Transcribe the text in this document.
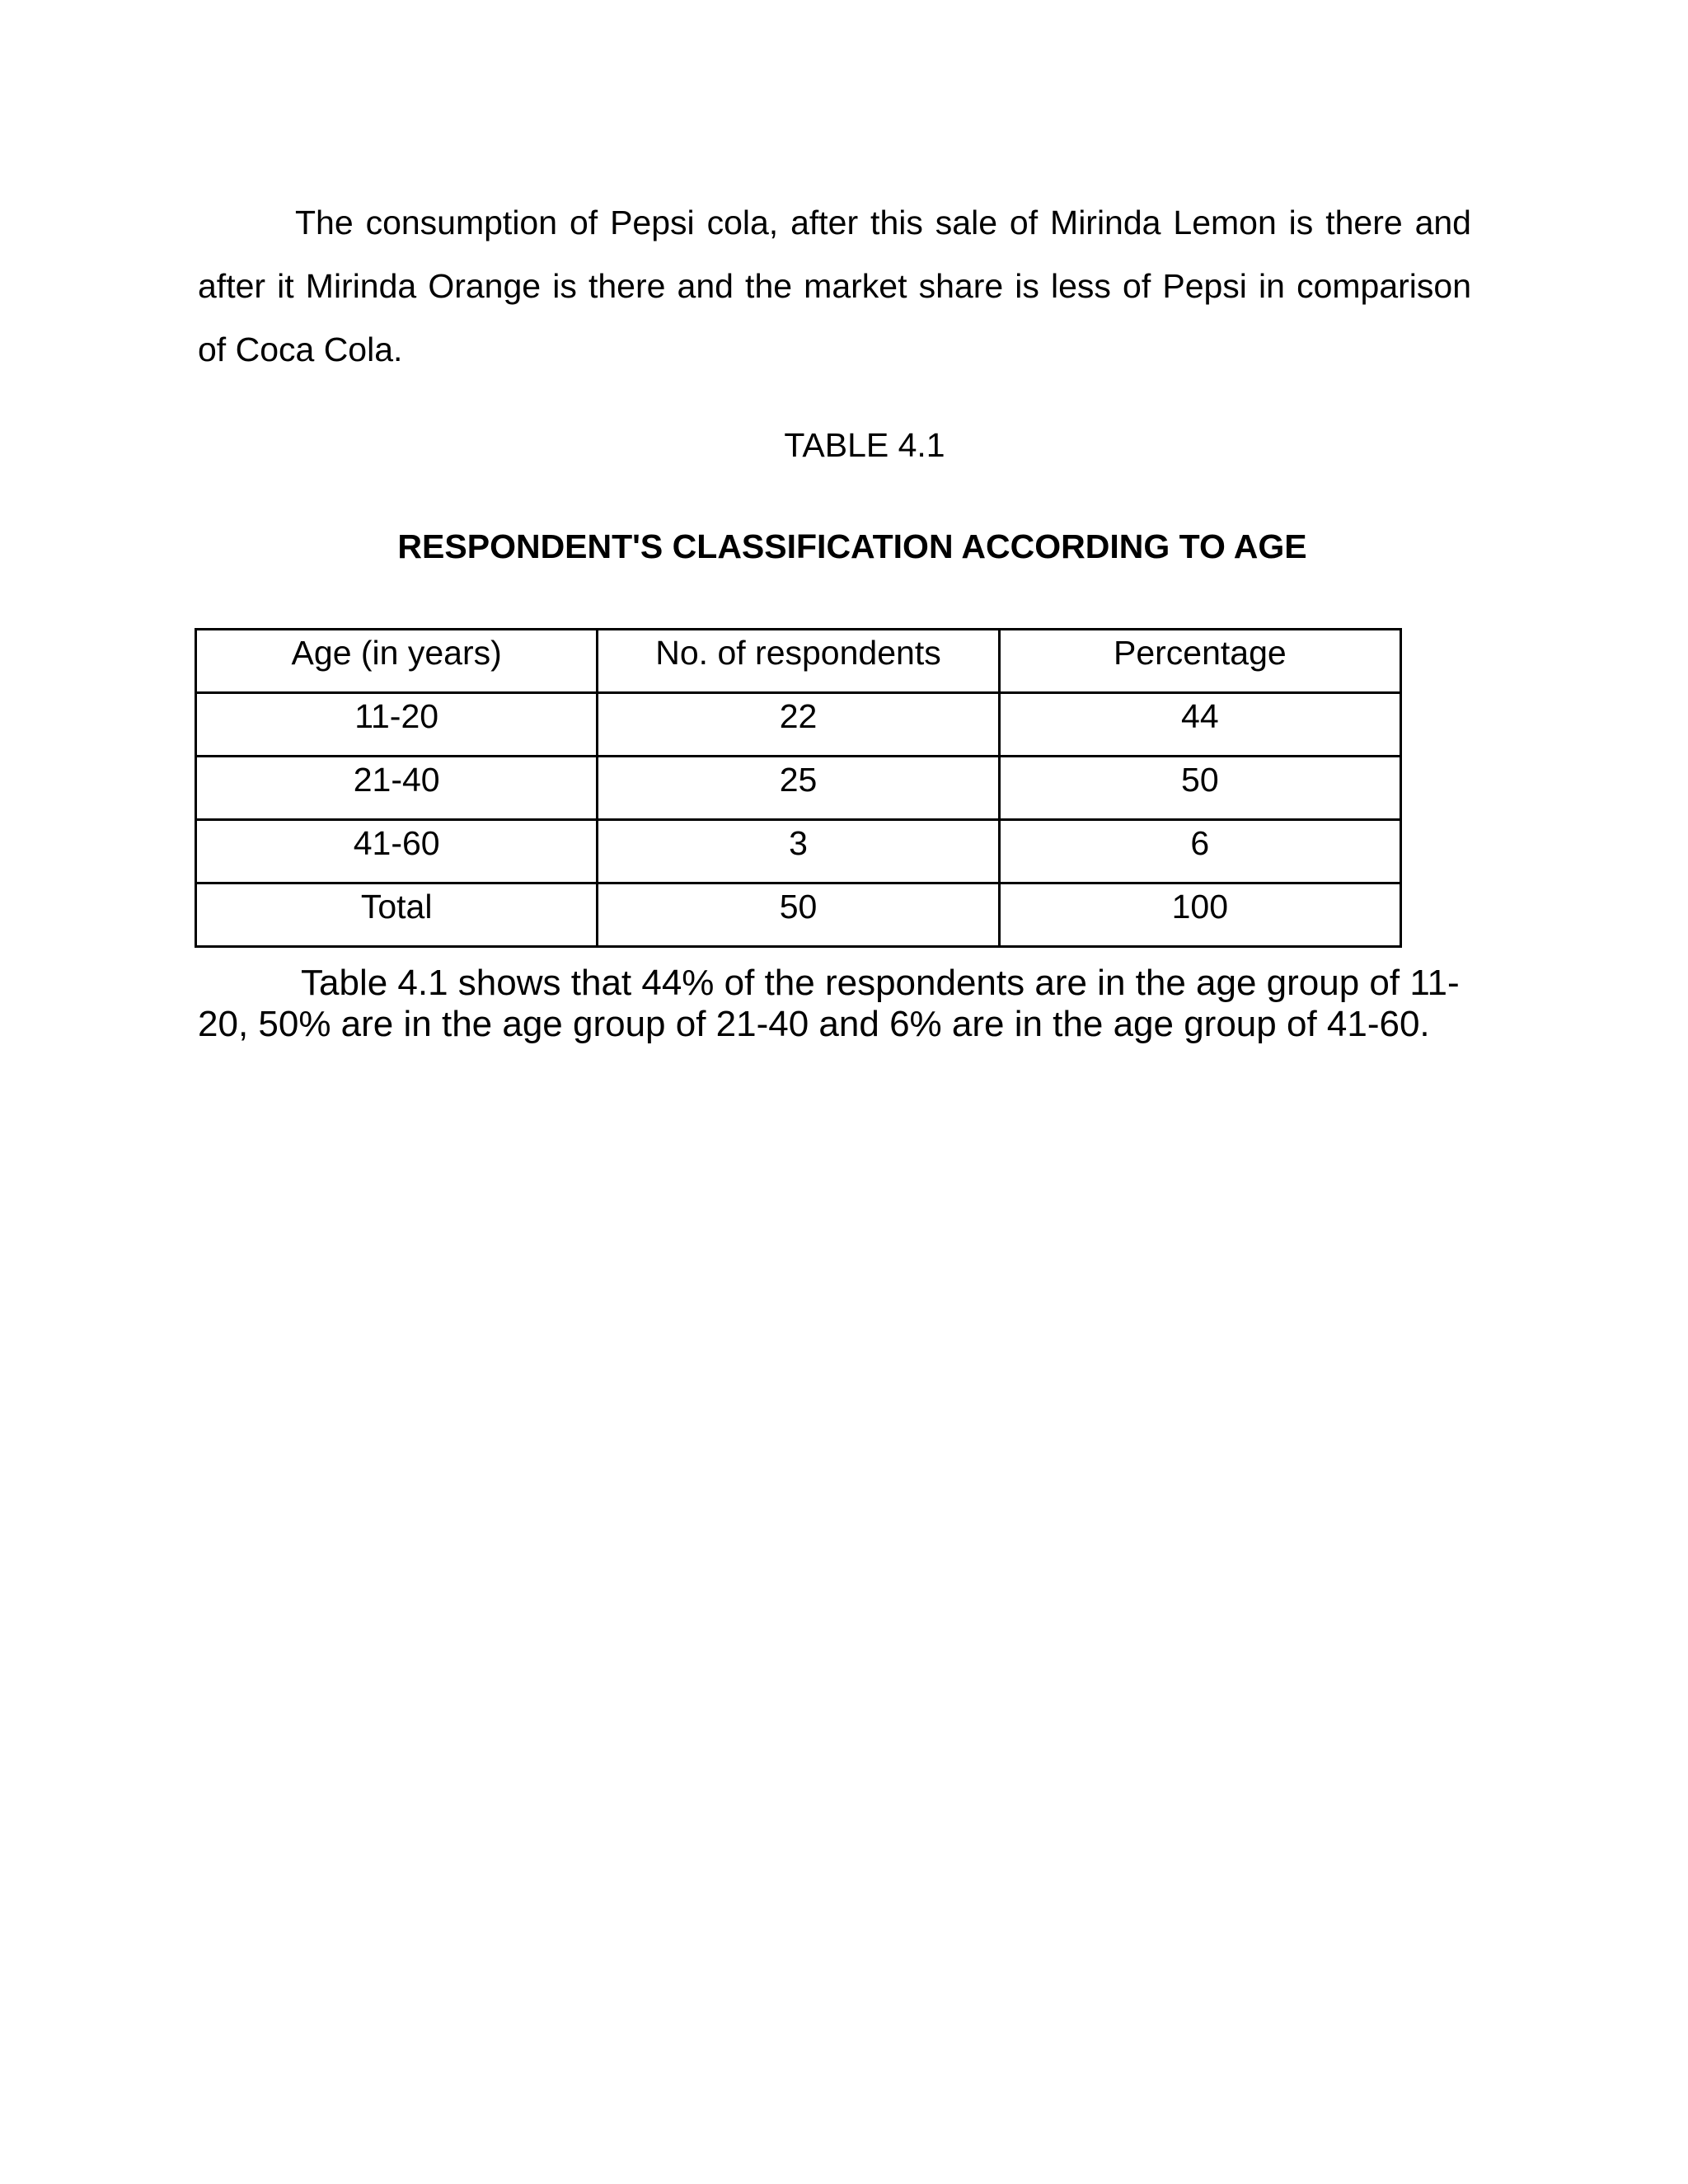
The consumption of Pepsi cola, after this sale of Mirinda Lemon is there and after it Mirinda Orange is there and the market share is less of Pepsi in comparison of Coca Cola.

TABLE 4.1
RESPONDENT'S CLASSIFICATION ACCORDING TO AGE
Age (in years)	No. of respondents	Percentage
11-20	22	44
21-40	25	50
41-60	3	6
Total	50	100

Table 4.1 shows that 44% of the respondents are in the age group of 11-20, 50% are in the age group of 21-40 and 6% are in the age group of 41-60.
